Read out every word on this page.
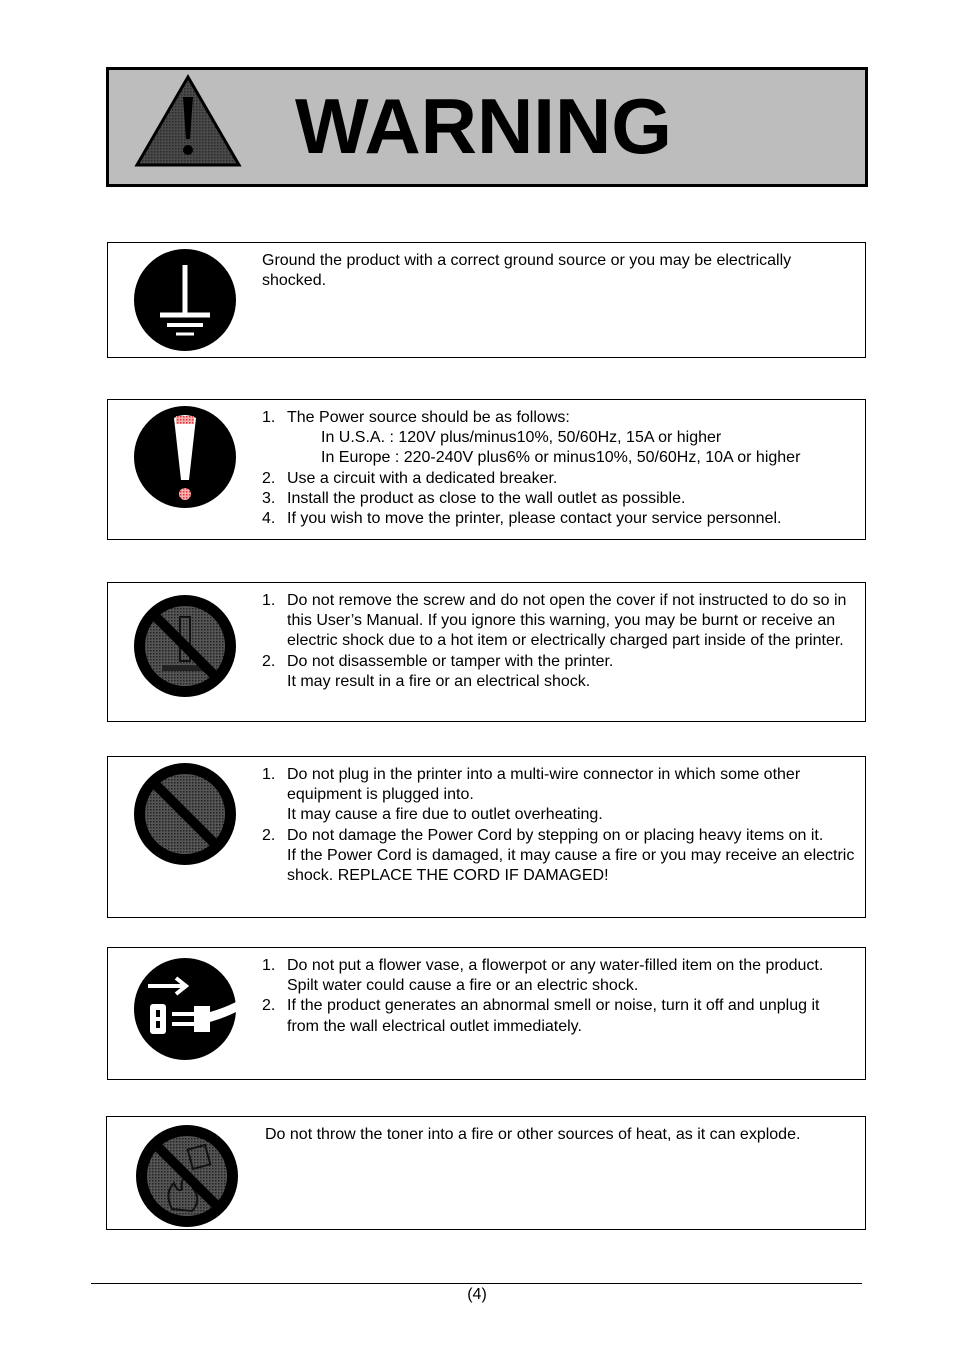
WARNING

Ground the product with a correct ground source or you may be electrically shocked.

1. The Power source should be as follows:
In U.S.A. : 120V plus/minus10%, 50/60Hz, 15A or higher
In Europe : 220-240V plus6% or minus10%, 50/60Hz, 10A or higher
2. Use a circuit with a dedicated breaker.
3. Install the product as close to the wall outlet as possible.
4. If you wish to move the printer, please contact your service personnel.
1. Do not remove the screw and do not open the cover if not instructed to do so in this User’s Manual. If you ignore this warning, you may be burnt or receive an electric shock due to a hot item or electrically charged part inside of the printer.
2. Do not disassemble or tamper with the printer.
It may result in a fire or an electrical shock.
1. Do not plug in the printer into a multi-wire connector in which some other equipment is plugged into.
It may cause a fire due to outlet overheating.
2. Do not damage the Power Cord by stepping on or placing heavy items on it.
If the Power Cord is damaged, it may cause a fire or you may receive an electric shock. REPLACE THE CORD IF DAMAGED!
1. Do not put a flower vase, a flowerpot or any water-filled item on the product.
Spilt water could cause a fire or an electric shock.
2. If the product generates an abnormal smell or noise, turn it off and unplug it from the wall electrical outlet immediately.

Do not throw the toner into a fire or other sources of heat, as it can explode.

(4)
